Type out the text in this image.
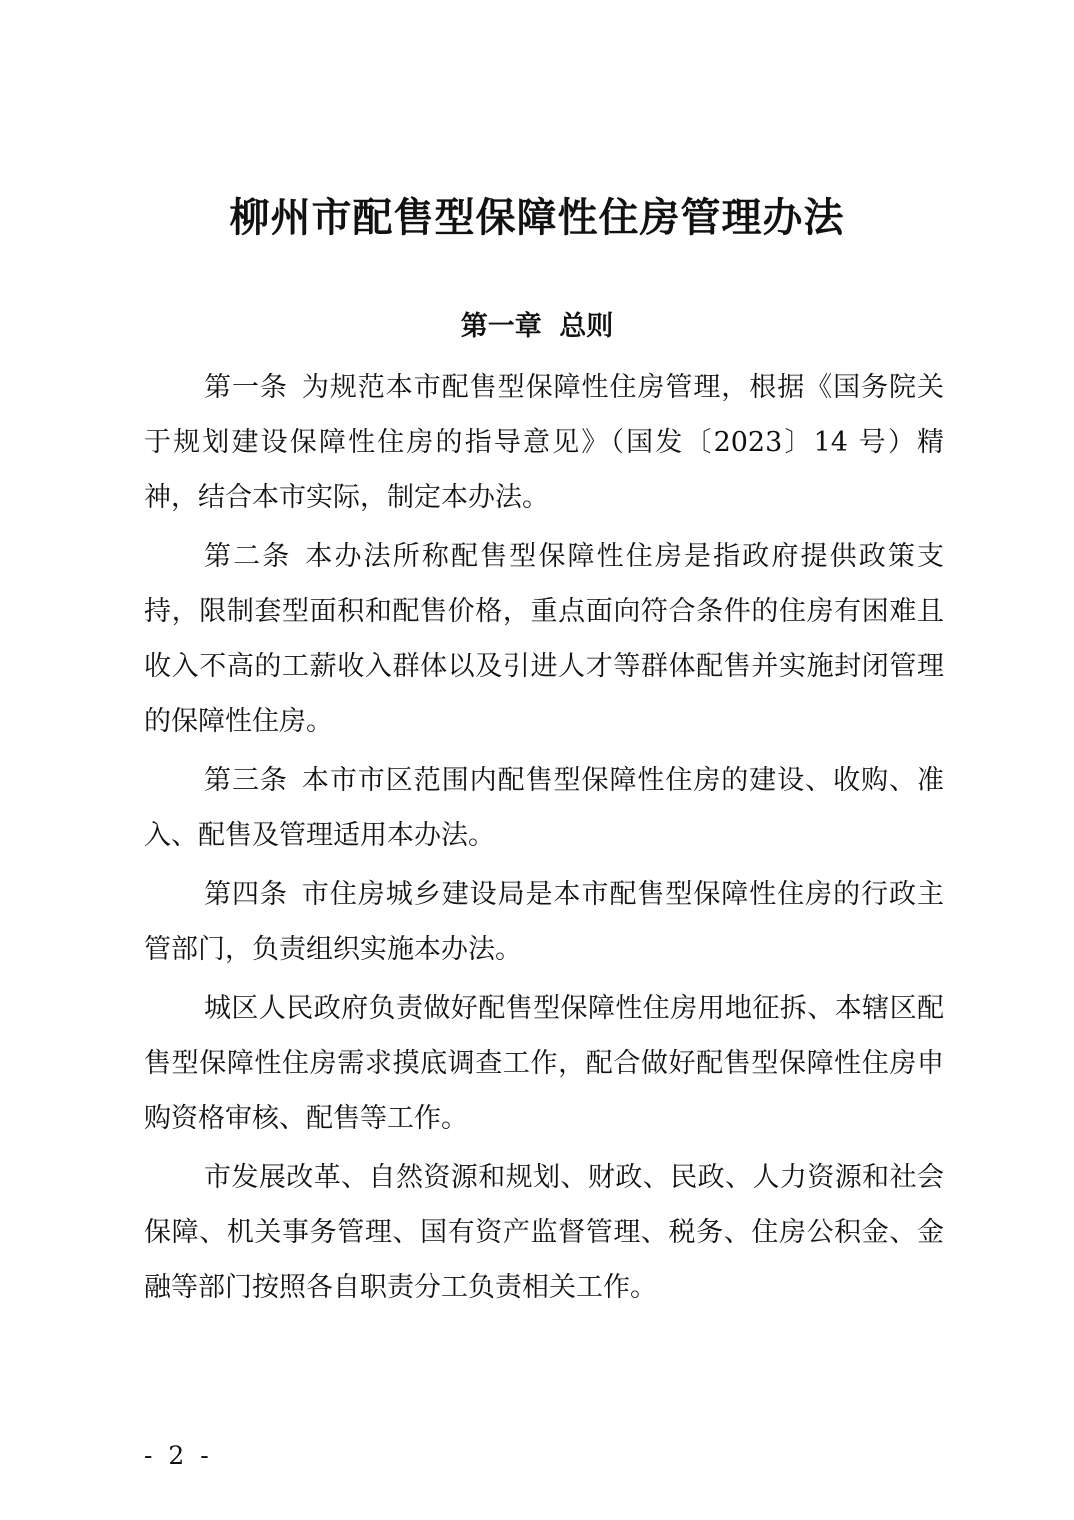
柳州市配售型保障性住房管理办法
第一章 总则

第一条 为规范本市配售型保障性住房管理，根据《国务院关于规划建设保障性住房的指导意见》（国发〔2023〕14 号）精神，结合本市实际，制定本办法。

第二条 本办法所称配售型保障性住房是指政府提供政策支持，限制套型面积和配售价格，重点面向符合条件的住房有困难且收入不高的工薪收入群体以及引进人才等群体配售并实施封闭管理的保障性住房。

第三条 本市市区范围内配售型保障性住房的建设、收购、准入、配售及管理适用本办法。

第四条 市住房城乡建设局是本市配售型保障性住房的行政主管部门，负责组织实施本办法。

城区人民政府负责做好配售型保障性住房用地征拆、本辖区配售型保障性住房需求摸底调查工作，配合做好配售型保障性住房申购资格审核、配售等工作。

市发展改革、自然资源和规划、财政、民政、人力资源和社会保障、机关事务管理、国有资产监督管理、税务、住房公积金、金融等部门按照各自职责分工负责相关工作。

- 2 -
